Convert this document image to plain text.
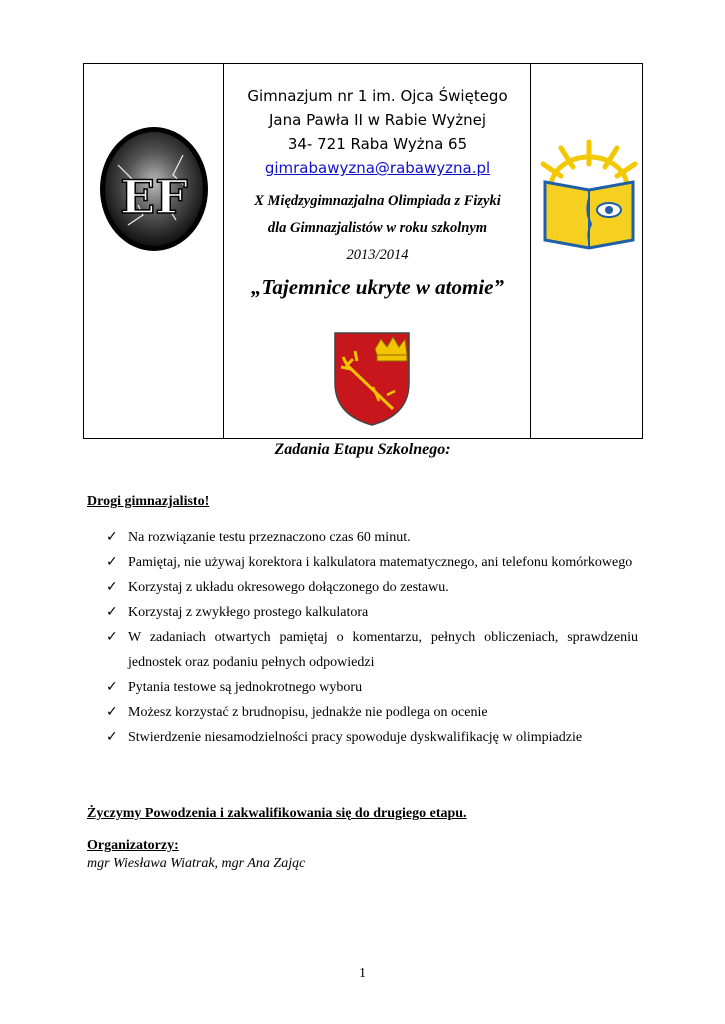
EF
Gimnazjum nr 1 im. Ojca Świętego
Jana Pawła II w Rabie Wyżnej
34- 721 Raba Wyżna 65
gimrabawyzna@rabawyzna.pl
X Międzygimnazjalna Olimpiada z Fizyki
dla Gimnazjalistów w roku szkolnym
2013/2014
„Tajemnice ukryte w atomie”
Zadania Etapu Szkolnego:
Drogi gimnazjalisto!
✓ Na rozwiązanie testu przeznaczono czas 60 minut.
✓ Pamiętaj, nie używaj korektora i kalkulatora matematycznego, ani telefonu komórkowego
✓ Korzystaj z układu okresowego dołączonego do zestawu.
✓ Korzystaj z zwykłego prostego kalkulatora
✓ W zadaniach otwartych pamiętaj o komentarzu, pełnych obliczeniach, sprawdzeniu jednostek oraz podaniu pełnych odpowiedzi
✓ Pytania testowe są jednokrotnego wyboru
✓ Możesz korzystać z brudnopisu, jednakże nie podlega on ocenie
✓ Stwierdzenie niesamodzielności pracy spowoduje dyskwalifikację w olimpiadzie
Życzymy Powodzenia i zakwalifikowania się do drugiego etapu.
Organizatorzy:
mgr Wiesława Wiatrak, mgr Ana Zając
1
